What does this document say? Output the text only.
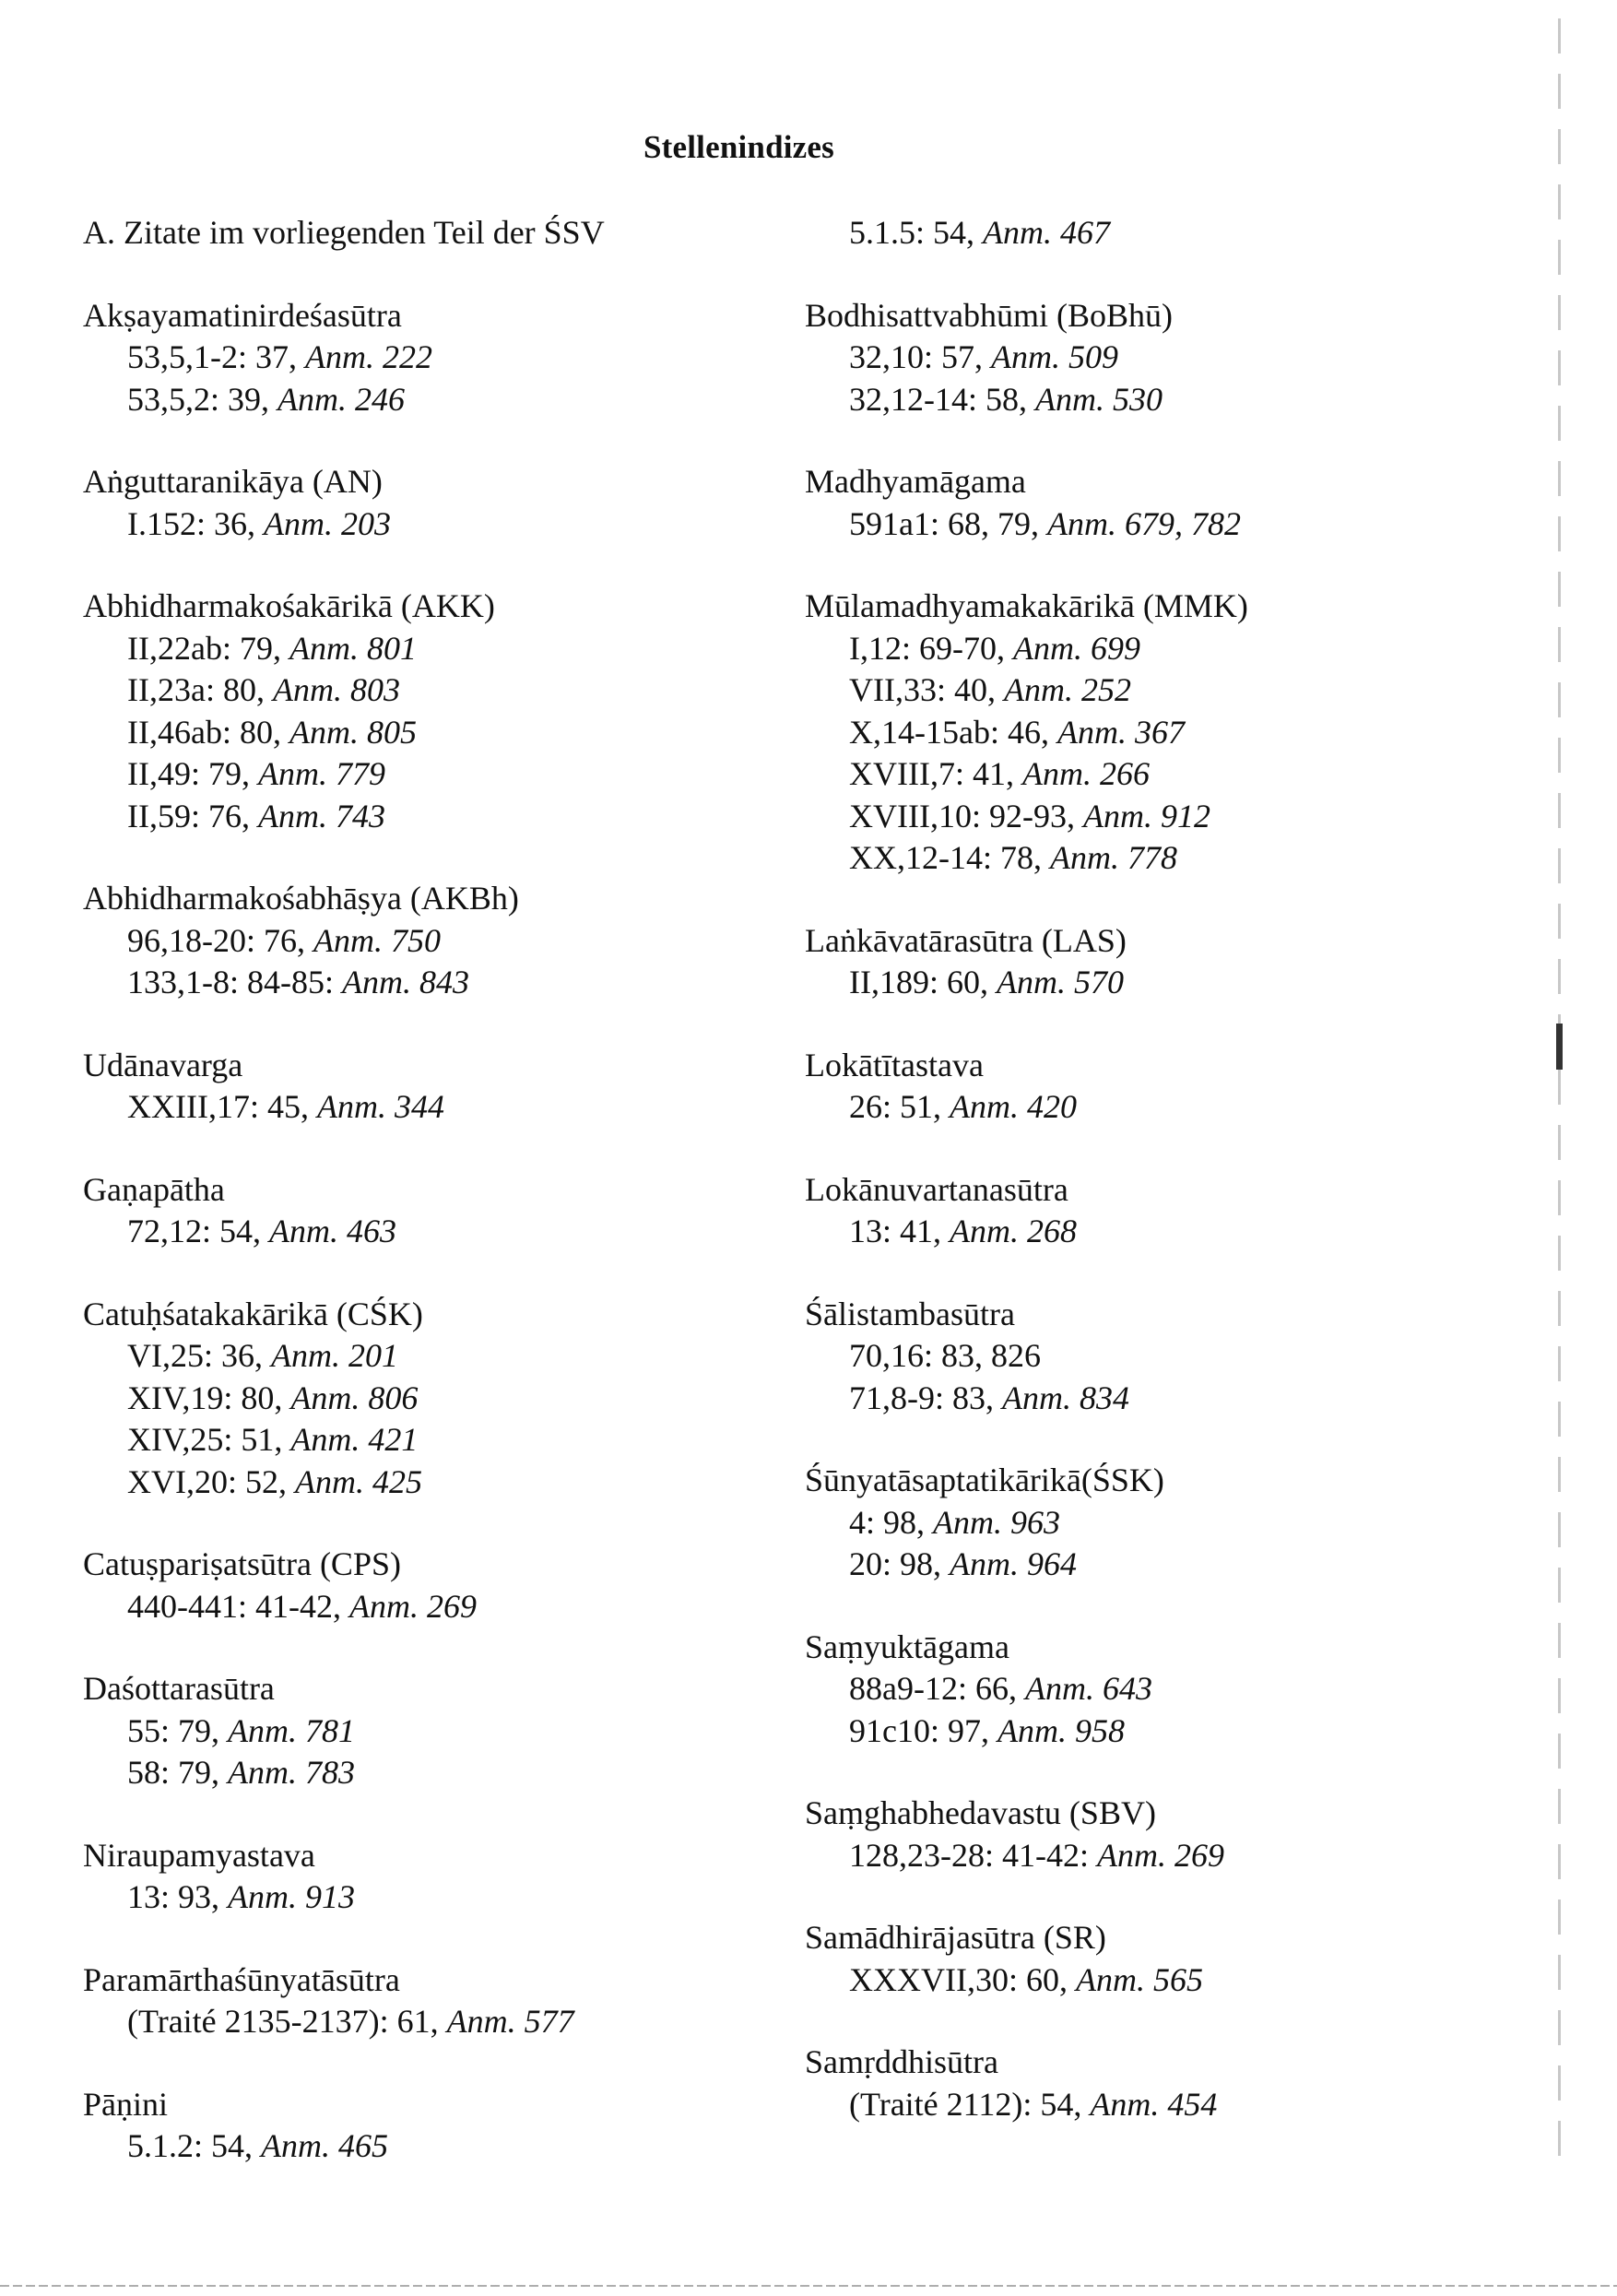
Stellenindizes
A. Zitate im vorliegenden Teil der ŚSV
Akṣayamatinirdeśasūtra
53,5,1-2: 37, Anm. 222
53,5,2: 39, Anm. 246
Aṅguttaranikāya (AN)
I.152: 36, Anm. 203
Abhidharmakośakārikā (AKK)
II,22ab: 79, Anm. 801
II,23a: 80, Anm. 803
II,46ab: 80, Anm. 805
II,49: 79, Anm. 779
II,59: 76, Anm. 743
Abhidharmakośabhāṣya (AKBh)
96,18-20: 76, Anm. 750
133,1-8: 84-85: Anm. 843
Udānavarga
XXIII,17: 45, Anm. 344
Gaṇapātha
72,12: 54, Anm. 463
Catuḥśatakakārikā (CŚK)
VI,25: 36, Anm. 201
XIV,19: 80, Anm. 806
XIV,25: 51, Anm. 421
XVI,20: 52, Anm. 425
Catuṣpariṣatsūtra (CPS)
440-441: 41-42, Anm. 269
Daśottarasūtra
55: 79, Anm. 781
58: 79, Anm. 783
Niraupamyastava
13: 93, Anm. 913
Paramārthaśūnyatāsūtra
(Traité 2135-2137): 61, Anm. 577
Pāṇini
5.1.2: 54, Anm. 465
5.1.5: 54, Anm. 467
Bodhisattvabhūmi (BoBhū)
32,10: 57, Anm. 509
32,12-14: 58, Anm. 530
Madhyamāgama
591a1: 68, 79, Anm. 679, 782
Mūlamadhyamakakārikā (MMK)
I,12: 69-70, Anm. 699
VII,33: 40, Anm. 252
X,14-15ab: 46, Anm. 367
XVIII,7: 41, Anm. 266
XVIII,10: 92-93, Anm. 912
XX,12-14: 78, Anm. 778
Laṅkāvatārasūtra (LAS)
II,189: 60, Anm. 570
Lokātītastava
26: 51, Anm. 420
Lokānuvartanasūtra
13: 41, Anm. 268
Śālistambasūtra
70,16: 83, 826
71,8-9: 83, Anm. 834
Śūnyatāsaptatikārikā(ŚSK)
4: 98, Anm. 963
20: 98, Anm. 964
Saṃyuktāgama
88a9-12: 66, Anm. 643
91c10: 97, Anm. 958
Saṃghabhedavastu (SBV)
128,23-28: 41-42: Anm. 269
Samādhirājasūtra (SR)
XXXVII,30: 60, Anm. 565
Samṛddhisūtra
(Traité 2112): 54, Anm. 454
